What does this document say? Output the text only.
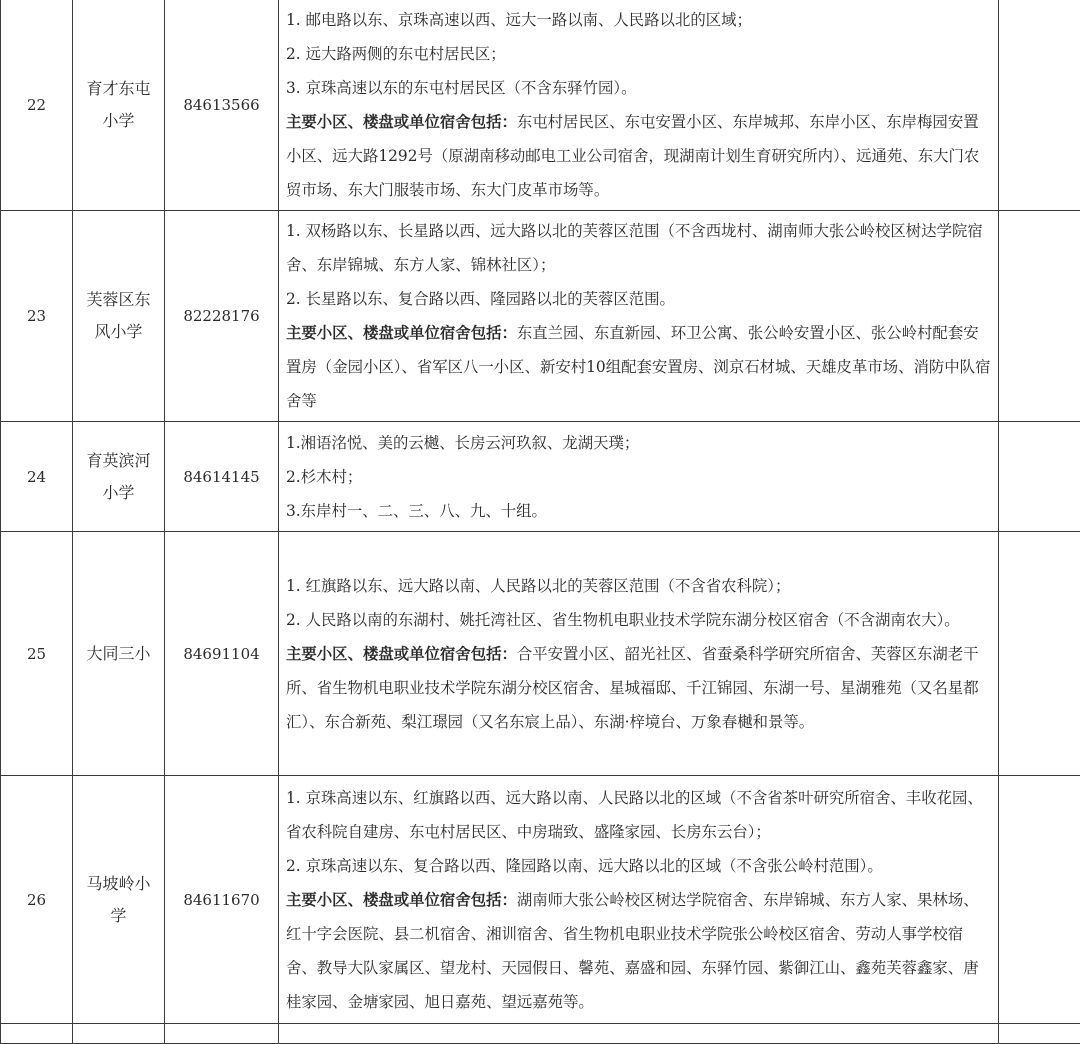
22	育才东屯小学	84613566	1. 邮电路以东、京珠高速以西、远大一路以南、人民路以北的区域；
2. 远大路两侧的东屯村居民区；
3. 京珠高速以东的东屯村居民区（不含东驿竹园）。
主要小区、楼盘或单位宿舍包括：东屯村居民区、东屯安置小区、东岸城邦、东岸小区、东岸梅园安置小区、远大路1292号（原湖南移动邮电工业公司宿舍，现湖南计划生育研究所内）、远通苑、东大门农贸市场、东大门服装市场、东大门皮革市场等。	

23	芙蓉区东风小学	82228176	1. 双杨路以东、长星路以西、远大路以北的芙蓉区范围（不含西垅村、湖南师大张公岭校区树达学院宿舍、东岸锦城、东方人家、锦林社区）；
2. 长星路以东、复合路以西、隆园路以北的芙蓉区范围。
主要小区、楼盘或单位宿舍包括：东直兰园、东直新园、环卫公寓、张公岭安置小区、张公岭村配套安置房（金园小区）、省军区八一小区、新安村10组配套安置房、浏京石材城、天雄皮革市场、消防中队宿舍等	

24	育英滨河小学	84614145	1.湘语洺悦、美的云樾、长房云河玖叙、龙湖天璞；
2.杉木村；
3.东岸村一、二、三、八、九、十组。	

25	大同三小	84691104	1. 红旗路以东、远大路以南、人民路以北的芙蓉区范围（不含省农科院）；
2. 人民路以南的东湖村、姚托湾社区、省生物机电职业技术学院东湖分校区宿舍（不含湖南农大）。
主要小区、楼盘或单位宿舍包括：合平安置小区、韶光社区、省蚕桑科学研究所宿舍、芙蓉区东湖老干所、省生物机电职业技术学院东湖分校区宿舍、星城福邸、千江锦园、东湖一号、星湖雅苑（又名星都汇）、东合新苑、梨江璟园（又名东宸上品）、东湖·梓境台、万象春樾和景等。	

26	马坡岭小学	84611670	1. 京珠高速以东、红旗路以西、远大路以南、人民路以北的区域（不含省茶叶研究所宿舍、丰收花园、省农科院自建房、东屯村居民区、中房瑞致、盛隆家园、长房东云台）；
2. 京珠高速以东、复合路以西、隆园路以南、远大路以北的区域（不含张公岭村范围）。
主要小区、楼盘或单位宿舍包括：湖南师大张公岭校区树达学院宿舍、东岸锦城、东方人家、果林场、红十字会医院、县二机宿舍、湘训宿舍、省生物机电职业技术学院张公岭校区宿舍、劳动人事学校宿舍、教导大队家属区、望龙村、天园假日、馨苑、嘉盛和园、东驿竹园、紫御江山、鑫苑芙蓉鑫家、唐桂家园、金塘家园、旭日嘉苑、望远嘉苑等。	
